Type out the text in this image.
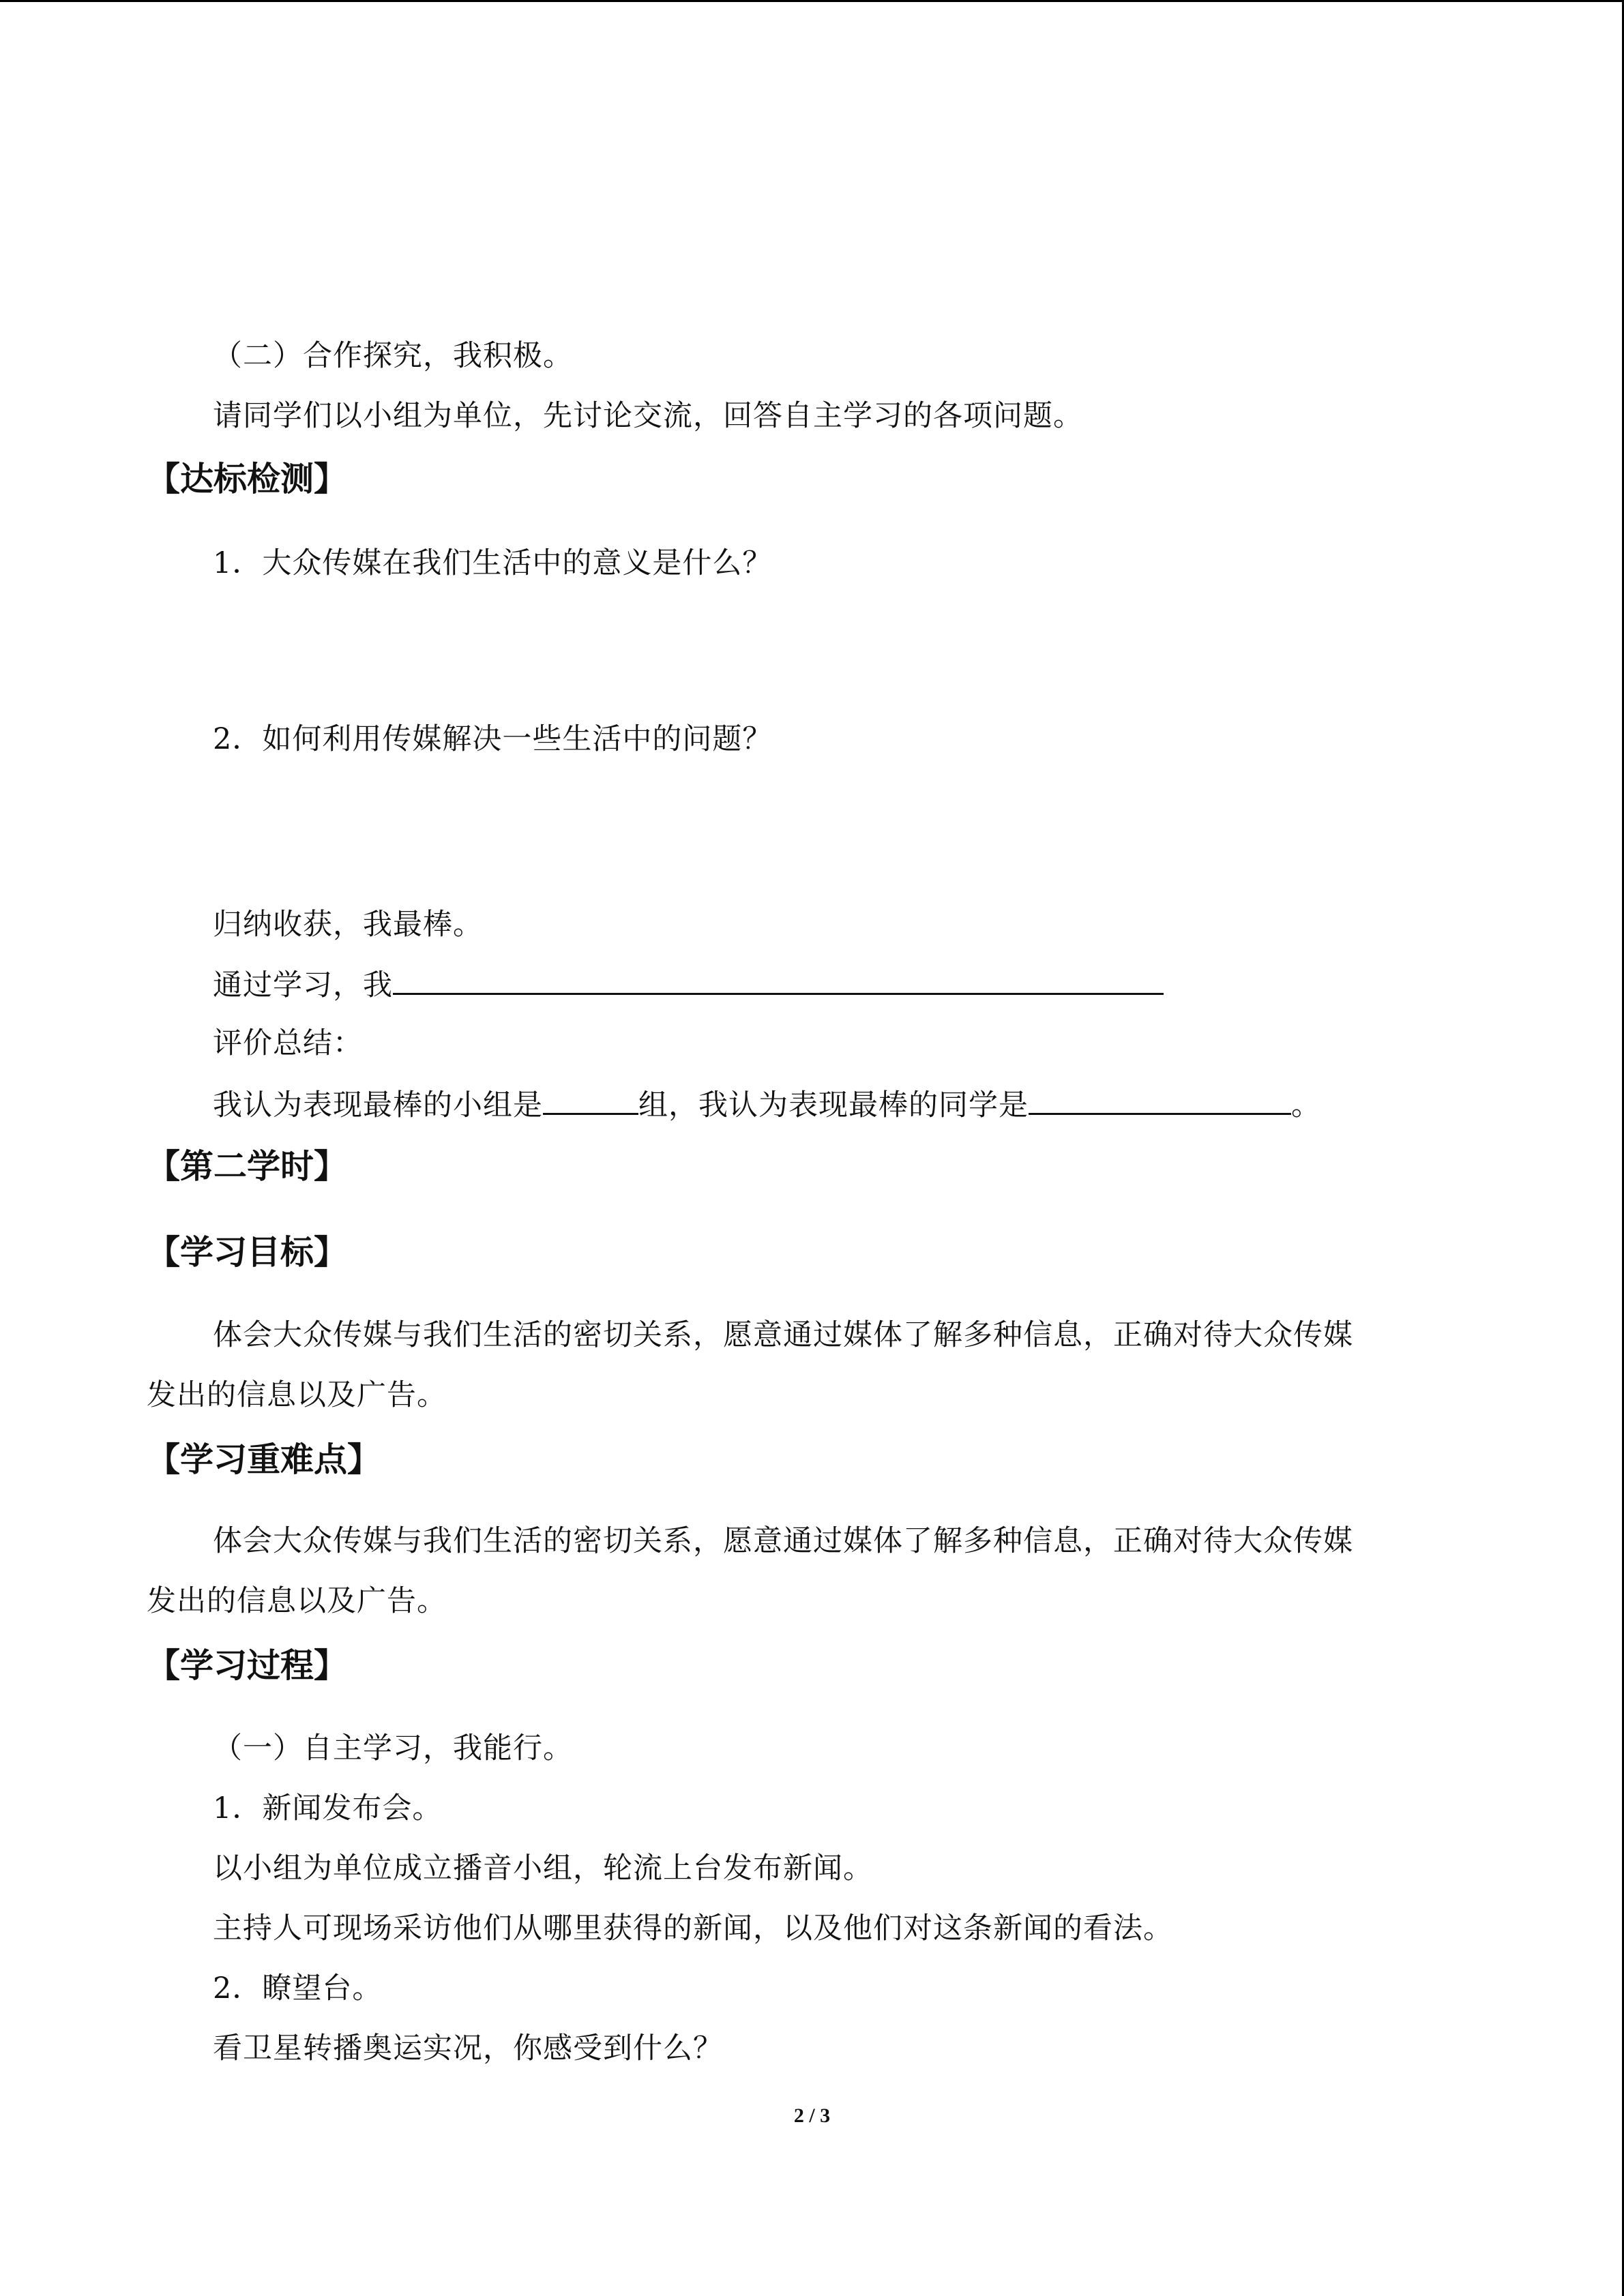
（二）合作探究，我积极。
请同学们以小组为单位，先讨论交流，回答自主学习的各项问题。
【达标检测】
1．大众传媒在我们生活中的意义是什么？
2．如何利用传媒解决一些生活中的问题？
归纳收获，我最棒。
通过学习，我
评价总结：
我认为表现最棒的小组是	组，我认为表现最棒的同学是	。
【第二学时】
【学习目标】
体会大众传媒与我们生活的密切关系，愿意通过媒体了解多种信息，正确对待大众传媒
发出的信息以及广告。
【学习重难点】
体会大众传媒与我们生活的密切关系，愿意通过媒体了解多种信息，正确对待大众传媒
发出的信息以及广告。
【学习过程】
（一）自主学习，我能行。
1．新闻发布会。
以小组为单位成立播音小组，轮流上台发布新闻。
主持人可现场采访他们从哪里获得的新闻，以及他们对这条新闻的看法。
2．瞭望台。
看卫星转播奥运实况，你感受到什么？
2 / 3
